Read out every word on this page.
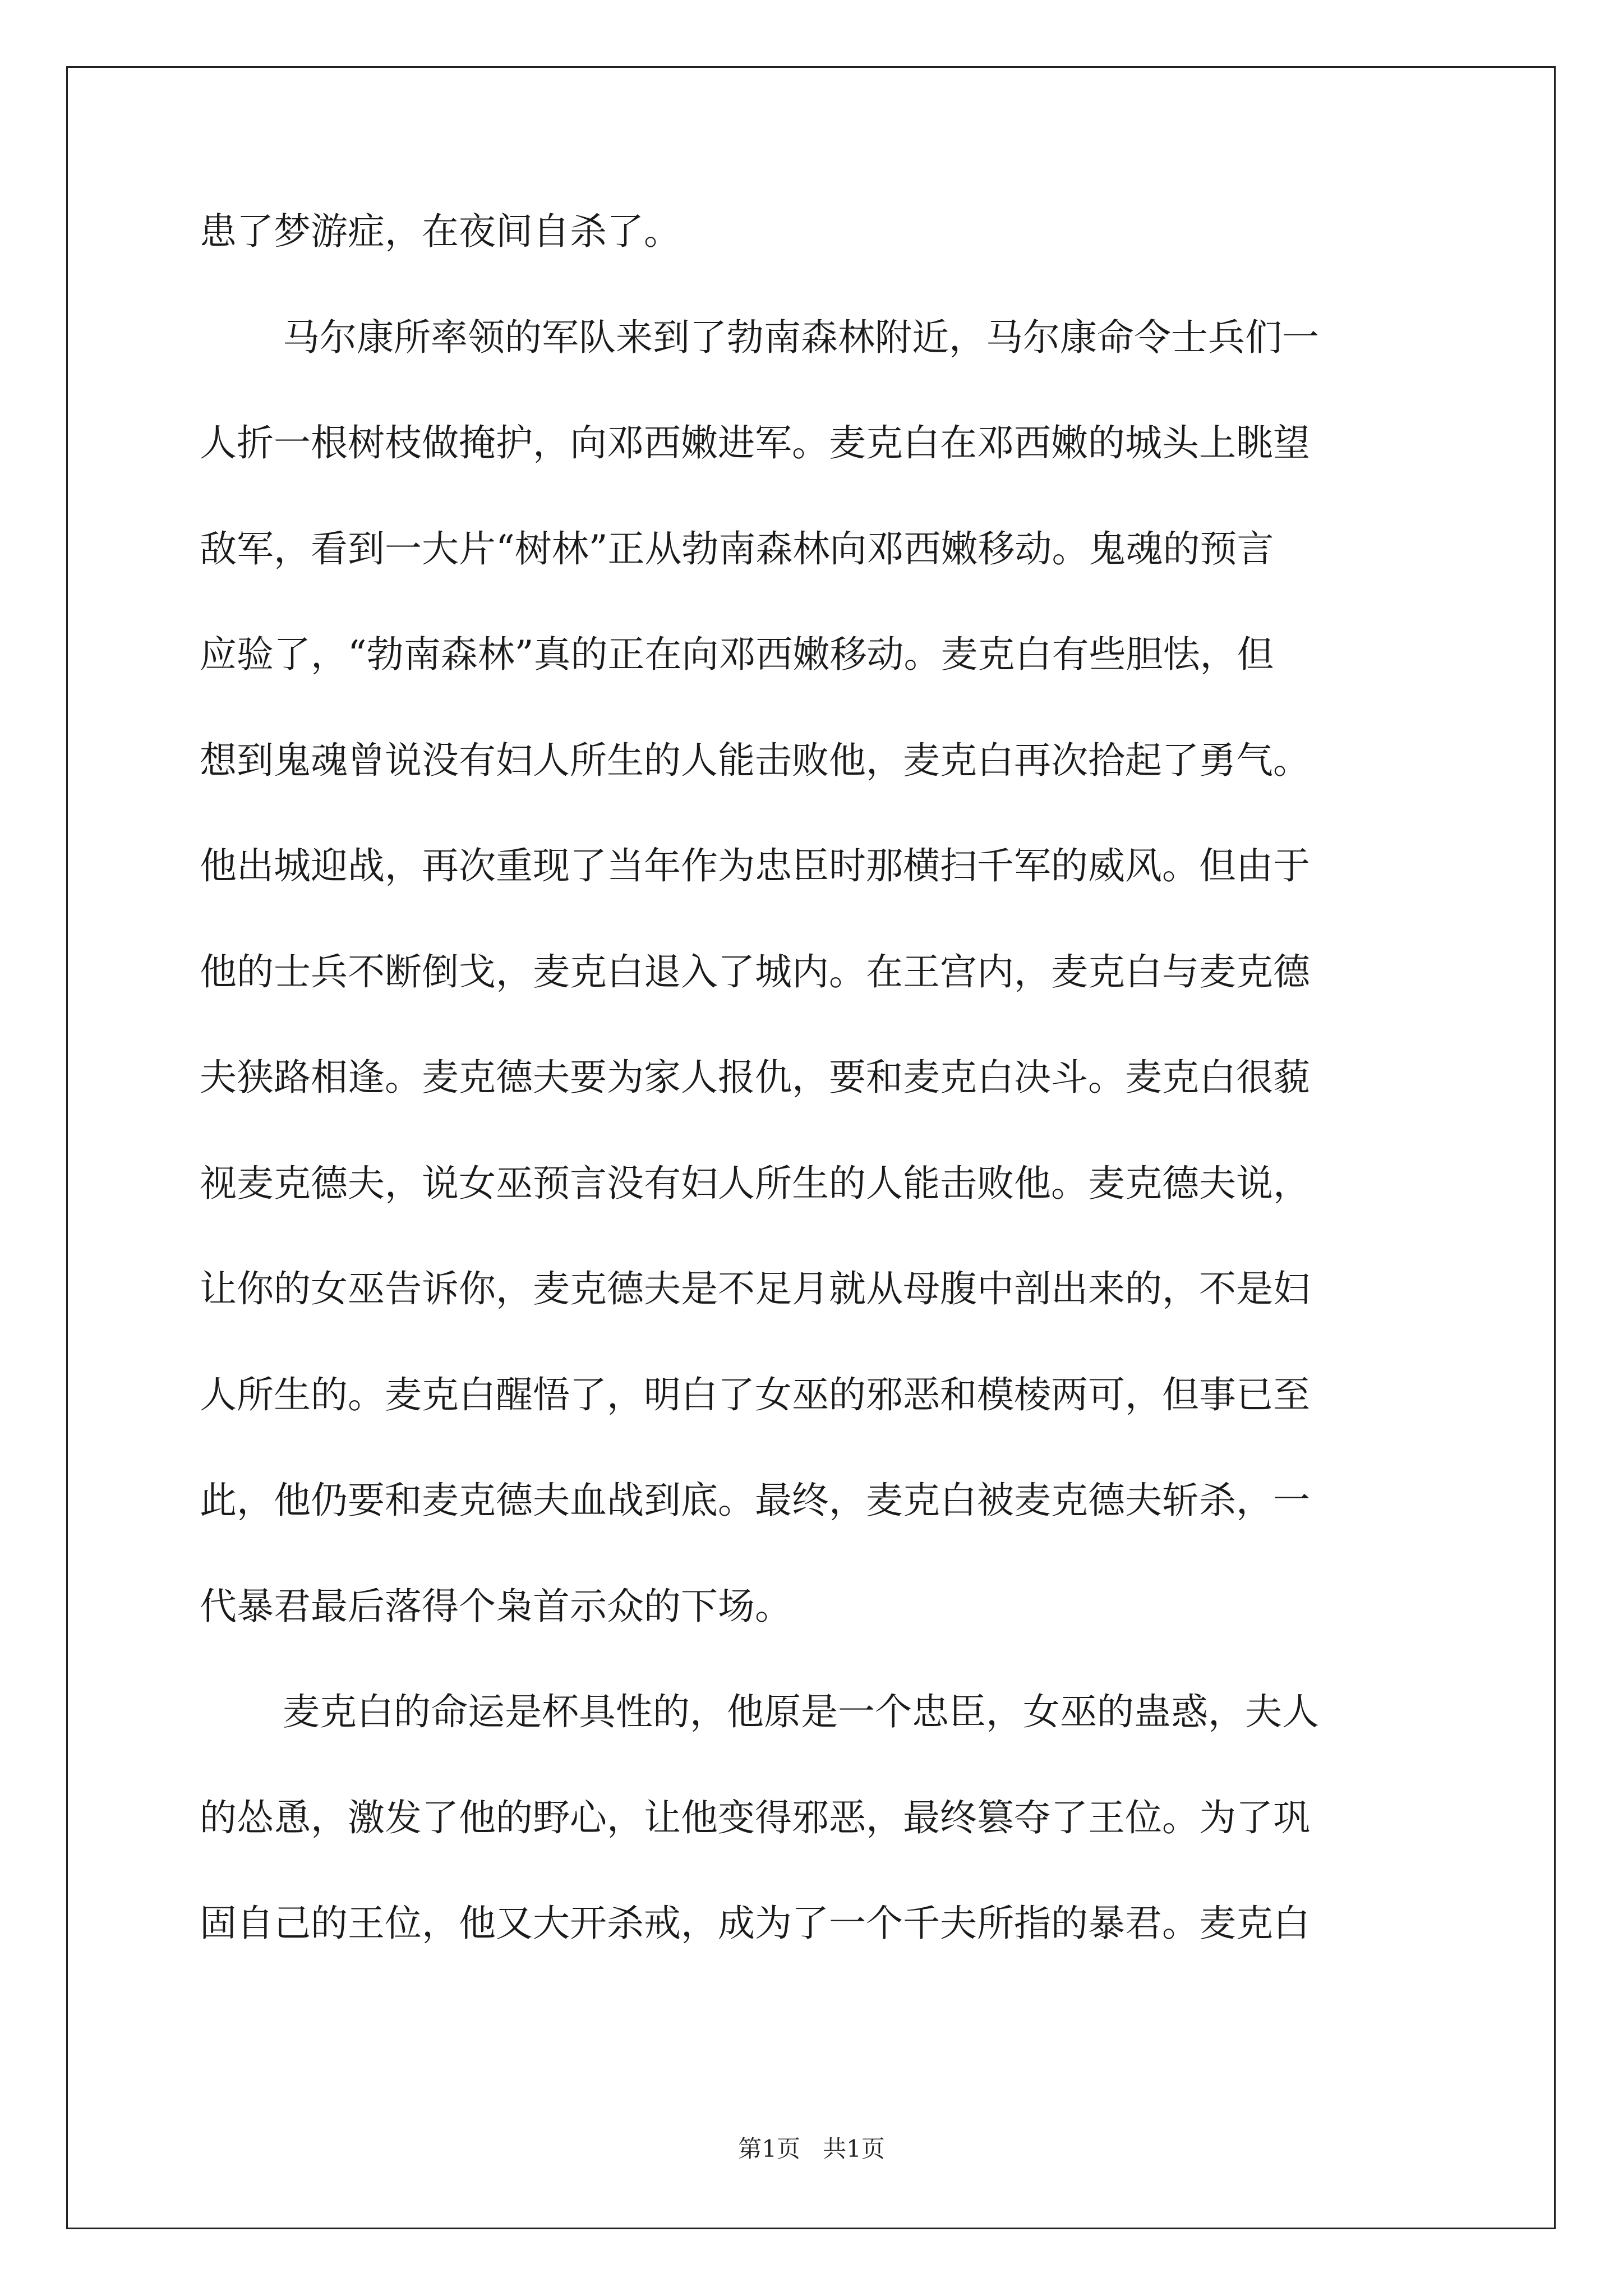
患了梦游症，在夜间自杀了。
马尔康所率领的军队来到了勃南森林附近，马尔康命令士兵们一
人折一根树枝做掩护，向邓西嫩进军。麦克白在邓西嫩的城头上眺望
敌军，看到一大片“树林”正从勃南森林向邓西嫩移动。鬼魂的预言
应验了，“勃南森林”真的正在向邓西嫩移动。麦克白有些胆怯，但
想到鬼魂曾说没有妇人所生的人能击败他，麦克白再次拾起了勇气。
他出城迎战，再次重现了当年作为忠臣时那横扫千军的威风。但由于
他的士兵不断倒戈，麦克白退入了城内。在王宫内，麦克白与麦克德
夫狭路相逢。麦克德夫要为家人报仇，要和麦克白决斗。麦克白很藐
视麦克德夫，说女巫预言没有妇人所生的人能击败他。麦克德夫说，
让你的女巫告诉你，麦克德夫是不足月就从母腹中剖出来的，不是妇
人所生的。麦克白醒悟了，明白了女巫的邪恶和模棱两可，但事已至
此，他仍要和麦克德夫血战到底。最终，麦克白被麦克德夫斩杀，一
代暴君最后落得个枭首示众的下场。
麦克白的命运是杯具性的，他原是一个忠臣，女巫的蛊惑，夫人
的怂恿，激发了他的野心，让他变得邪恶，最终篡夺了王位。为了巩
固自己的王位，他又大开杀戒，成为了一个千夫所指的暴君。麦克白
第1页   共1页
